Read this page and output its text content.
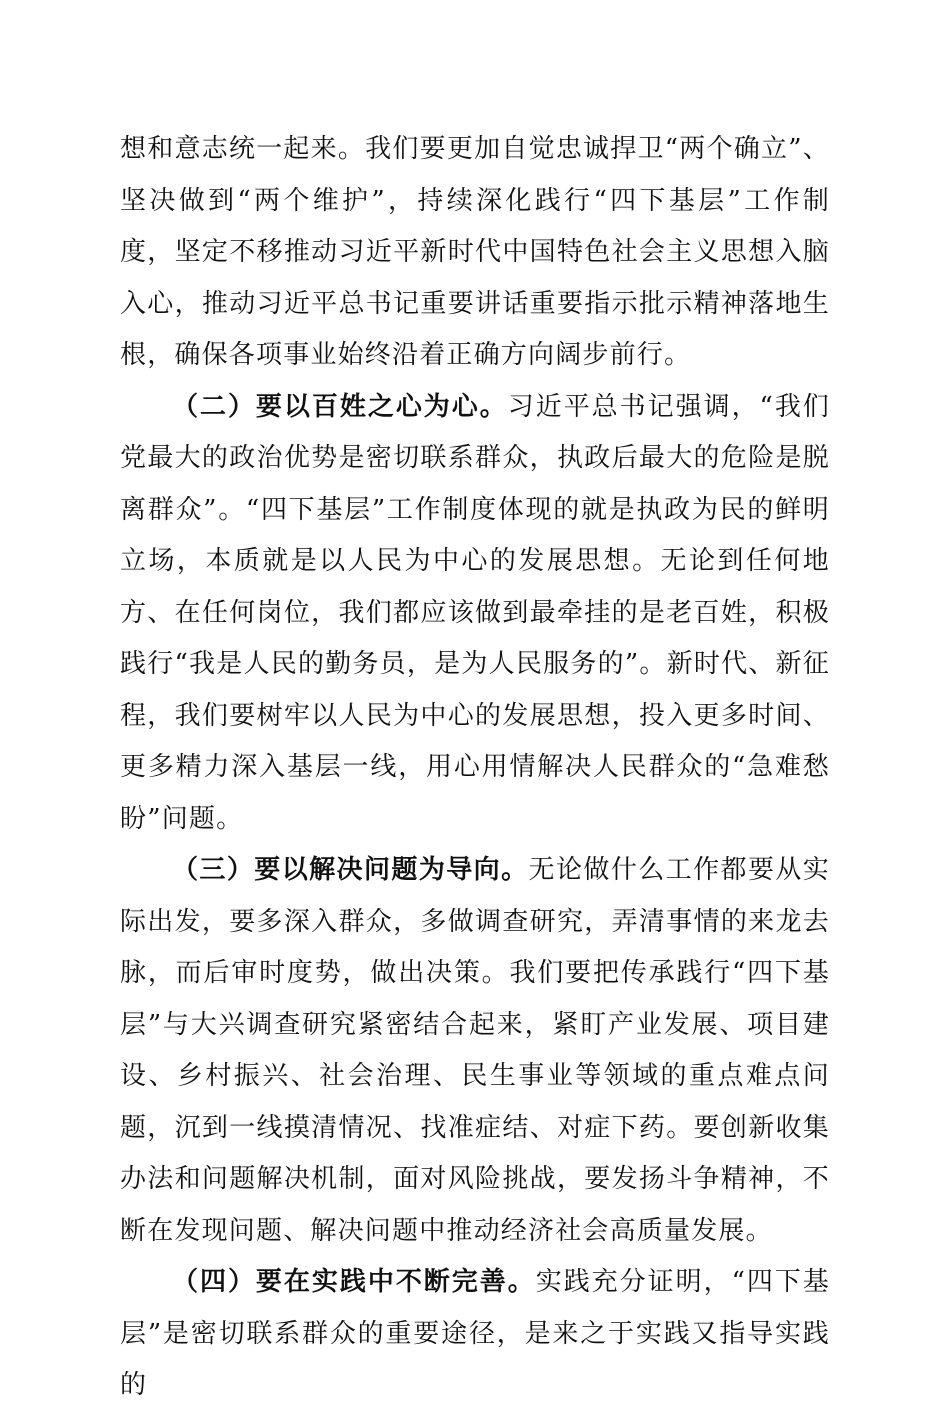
想和意志统一起来。我们要更加自觉忠诚捍卫“两个确立”、坚决做到“两个维护”，持续深化践行“四下基层”工作制度，坚定不移推动习近平新时代中国特色社会主义思想入脑入心，推动习近平总书记重要讲话重要指示批示精神落地生根，确保各项事业始终沿着正确方向阔步前行。

（二）要以百姓之心为心。习近平总书记强调，“我们党最大的政治优势是密切联系群众，执政后最大的危险是脱离群众”。“四下基层”工作制度体现的就是执政为民的鲜明立场，本质就是以人民为中心的发展思想。无论到任何地方、在任何岗位，我们都应该做到最牵挂的是老百姓，积极践行“我是人民的勤务员，是为人民服务的”。新时代、新征程，我们要树牢以人民为中心的发展思想，投入更多时间、更多精力深入基层一线，用心用情解决人民群众的“急难愁盼”问题。

（三）要以解决问题为导向。无论做什么工作都要从实际出发，要多深入群众，多做调查研究，弄清事情的来龙去脉，而后审时度势，做出决策。我们要把传承践行“四下基层”与大兴调查研究紧密结合起来，紧盯产业发展、项目建设、乡村振兴、社会治理、民生事业等领域的重点难点问题，沉到一线摸清情况、找准症结、对症下药。要创新收集办法和问题解决机制，面对风险挑战，要发扬斗争精神，不断在发现问题、解决问题中推动经济社会高质量发展。

（四）要在实践中不断完善。实践充分证明，“四下基层”是密切联系群众的重要途径，是来之于实践又指导实践的
